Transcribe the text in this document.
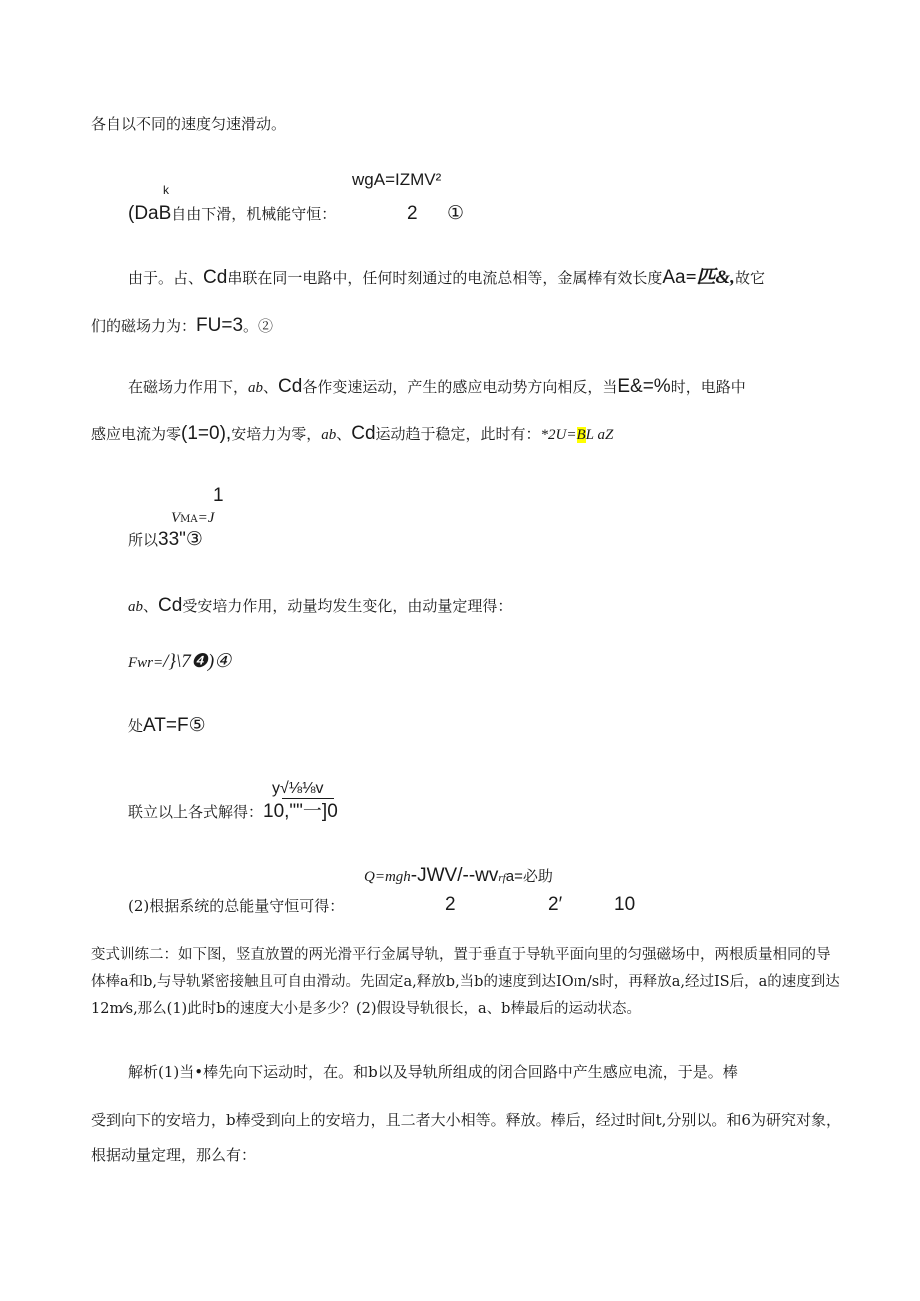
各自以不同的速度匀速滑动。
k
wgA=IZMV²
(DaB自由下滑，机械能守恒：	2 ①
由于。占、Cd串联在同一电路中，任何时刻通过的电流总相等，金属棒有效长度Aa=匹&,故它
们的磁场力为：FU=3。②
在磁场力作用下，ab、Cd各作变速运动，产生的感应电动势方向相反，当E&=%时，电路中
感应电流为零(1=0),安培力为零，ab、Cd运动趋于稳定，此时有：*2U=BL aZ
1
VMA=J
所以33"③
ab、Cd受安培力作用，动量均发生变化，由动量定理得：
Fwr=/}\7❹)④
处AT=F⑤
y√⅛⅛v
联立以上各式解得：10,""一]0
Q=mgh-JWV/--wvrfa=必助
(2)根据系统的总能量守恒可得：	2	2′	10
变式训练二：如下图，竖直放置的两光滑平行金属导轨，置于垂直于导轨平面向里的匀强磁场中，两根质量相同的导
体棒a和b,与导轨紧密接触且可自由滑动。先固定a,释放b,当b的速度到达IOIn/s时，再释放a,经过IS后，a的速度到达
12m⁄s,那么(1)此时b的速度大小是多少？(2)假设导轨很长，a、b棒最后的运动状态。
解析(1)当•棒先向下运动时，在。和b以及导轨所组成的闭合回路中产生感应电流，于是。棒
受到向下的安培力，b棒受到向上的安培力，且二者大小相等。释放。棒后，经过时间t,分别以。和6为研究对象，
根据动量定理，那么有：
